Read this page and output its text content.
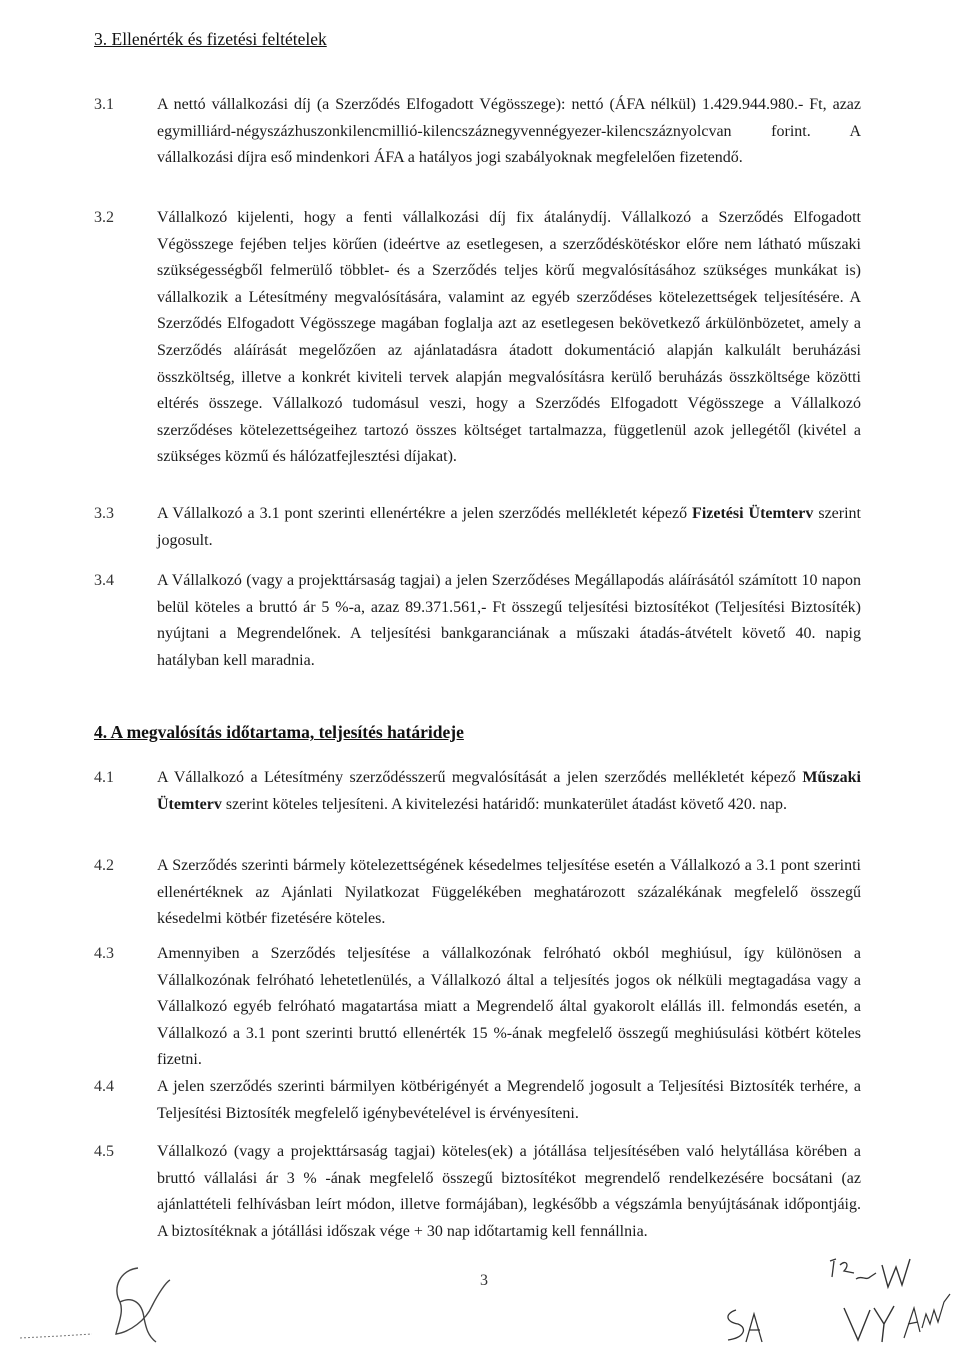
3. Ellenérték és fizetési feltételek
3.1	A nettó vállalkozási díj (a Szerződés Elfogadott Végösszege): nettó (ÁFA nélkül) 1.429.944.980.- Ft, azaz egymilliárd-négyszázhuszonkilencmillió-kilencszáznegyvennégyezer-kilencszáznyolcvan forint. A vállalkozási díjra eső mindenkori ÁFA a hatályos jogi szabályoknak megfelelően fizetendő.

3.2	Vállalkozó kijelenti, hogy a fenti vállalkozási díj fix átalánydíj. Vállalkozó a Szerződés Elfogadott Végösszege fejében teljes körűen (ideértve az esetlegesen, a szerződéskötéskor előre nem látható műszaki szükségességből felmerülő többlet- és a Szerződés teljes körű megvalósításához szükséges munkákat is) vállalkozik a Létesítmény megvalósítására, valamint az egyéb szerződéses kötelezettségek teljesítésére. A Szerződés Elfogadott Végösszege magában foglalja azt az esetlegesen bekövetkező árkülönbözetet, amely a Szerződés aláírását megelőzően az ajánlatadásra átadott dokumentáció alapján kalkulált beruházási összköltség, illetve a konkrét kiviteli tervek alapján megvalósításra kerülő beruházás összköltsége közötti eltérés összege. Vállalkozó tudomásul veszi, hogy a Szerződés Elfogadott Végösszege a Vállalkozó szerződéses kötelezettségeihez tartozó összes költséget tartalmazza, függetlenül azok jellegétől (kivétel a szükséges közmű és hálózatfejlesztési díjakat).

3.3	A Vállalkozó a 3.1 pont szerinti ellenértékre a jelen szerződés mellékletét képező Fizetési Ütemterv szerint jogosult.

3.4	A Vállalkozó (vagy a projekttársaság tagjai) a jelen Szerződéses Megállapodás aláírásától számított 10 napon belül köteles a bruttó ár 5 %-a, azaz 89.371.561,- Ft összegű teljesítési biztosítékot (Teljesítési Biztosíték) nyújtani a Megrendelőnek. A teljesítési bankgaranciának a műszaki átadás-átvételt követő 40. napig hatályban kell maradnia.

4. A megvalósítás időtartama, teljesítés határideje
4.1	A Vállalkozó a Létesítmény szerződésszerű megvalósítását a jelen szerződés mellékletét képező Műszaki Ütemterv szerint köteles teljesíteni. A kivitelezési határidő: munkaterület átadást követő 420. nap.

4.2	A Szerződés szerinti bármely kötelezettségének késedelmes teljesítése esetén a Vállalkozó a 3.1 pont szerinti ellenértéknek az Ajánlati Nyilatkozat Függelékében meghatározott százalékának megfelelő összegű késedelmi kötbér fizetésére köteles.

4.3	Amennyiben a Szerződés teljesítése a vállalkozónak felróható okból meghiúsul, így különösen a Vállalkozónak felróható lehetetlenülés, a Vállalkozó által a teljesítés jogos ok nélküli megtagadása vagy a Vállalkozó egyéb felróható magatartása miatt a Megrendelő által gyakorolt elállás ill. felmondás esetén, a Vállalkozó a 3.1 pont szerinti bruttó ellenérték 15 %-ának megfelelő összegű meghiúsulási kötbért köteles fizetni.

4.4	A jelen szerződés szerinti bármilyen kötbérigényét a Megrendelő jogosult a Teljesítési Biztosíték terhére, a Teljesítési Biztosíték megfelelő igénybevételével is érvényesíteni.

4.5	Vállalkozó (vagy a projekttársaság tagjai) köteles(ek) a jótállása teljesítésében való helytállása körében a bruttó vállalási ár 3 % -ának megfelelő összegű biztosítékot megrendelő rendelkezésére bocsátani (az ajánlattételi felhívásban leírt módon, illetve formájában), legkésőbb a végszámla benyújtásának időpontjáig. A biztosítéknak a jótállási időszak vége + 30 nap időtartamig kell fennállnia.

3
